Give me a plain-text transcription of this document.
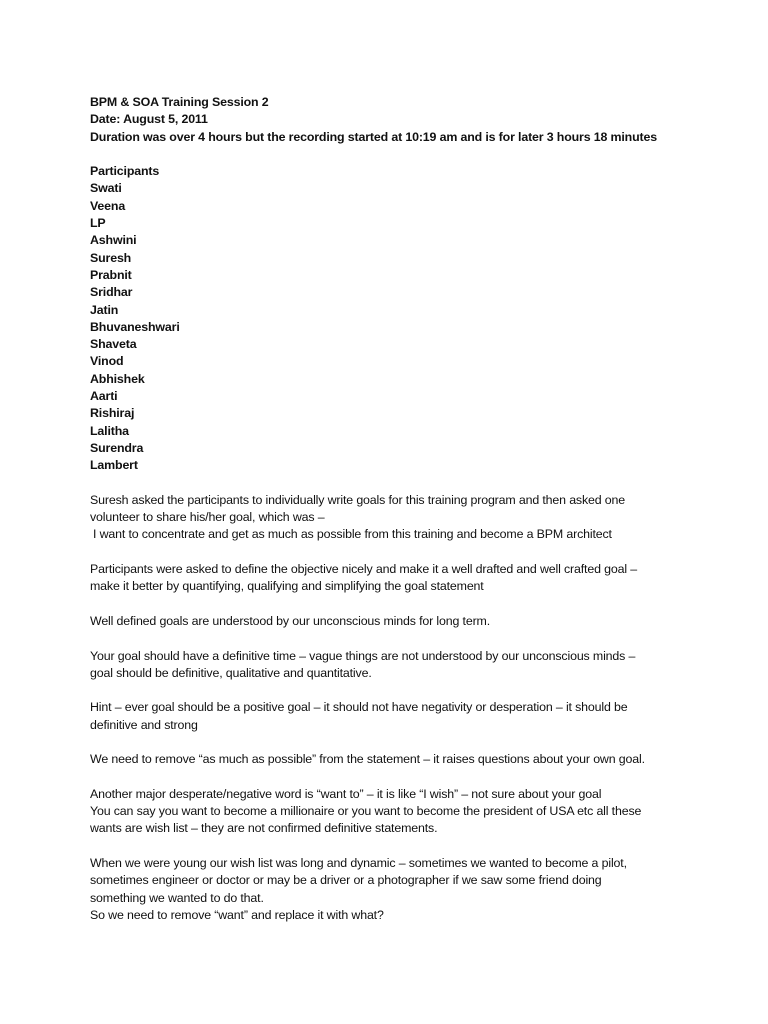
BPM & SOA Training Session 2
Date: August 5, 2011
Duration was over 4 hours but the recording started at 10:19 am and is for later 3 hours 18 minutes
Participants
Swati
Veena
LP
Ashwini
Suresh
Prabnit
Sridhar
Jatin
Bhuvaneshwari
Shaveta
Vinod
Abhishek
Aarti
Rishiraj
Lalitha
Surendra
Lambert
Suresh asked the participants to individually write goals for this training program and then asked one
volunteer to share his/her goal, which was –
I want to concentrate and get as much as possible from this training and become a BPM architect
Participants were asked to define the objective nicely and make it a well drafted and well crafted goal –
make it better by quantifying, qualifying and simplifying the goal statement
Well defined goals are understood by our unconscious minds for long term.
Your goal should have a definitive time – vague things are not understood by our unconscious minds –
goal should be definitive, qualitative and quantitative.
Hint – ever goal should be a positive goal – it should not have negativity or desperation – it should be
definitive and strong
We need to remove “as much as possible” from the statement – it raises questions about your own goal.
Another major desperate/negative word is “want to” – it is like “I wish” – not sure about your goal
You can say you want to become a millionaire or you want to become the president of USA etc all these
wants are wish list – they are not confirmed definitive statements.
When we were young our wish list was long and dynamic – sometimes we wanted to become a pilot,
sometimes engineer or doctor or may be a driver or a photographer if we saw some friend doing
something we wanted to do that.
So we need to remove “want” and replace it with what?
